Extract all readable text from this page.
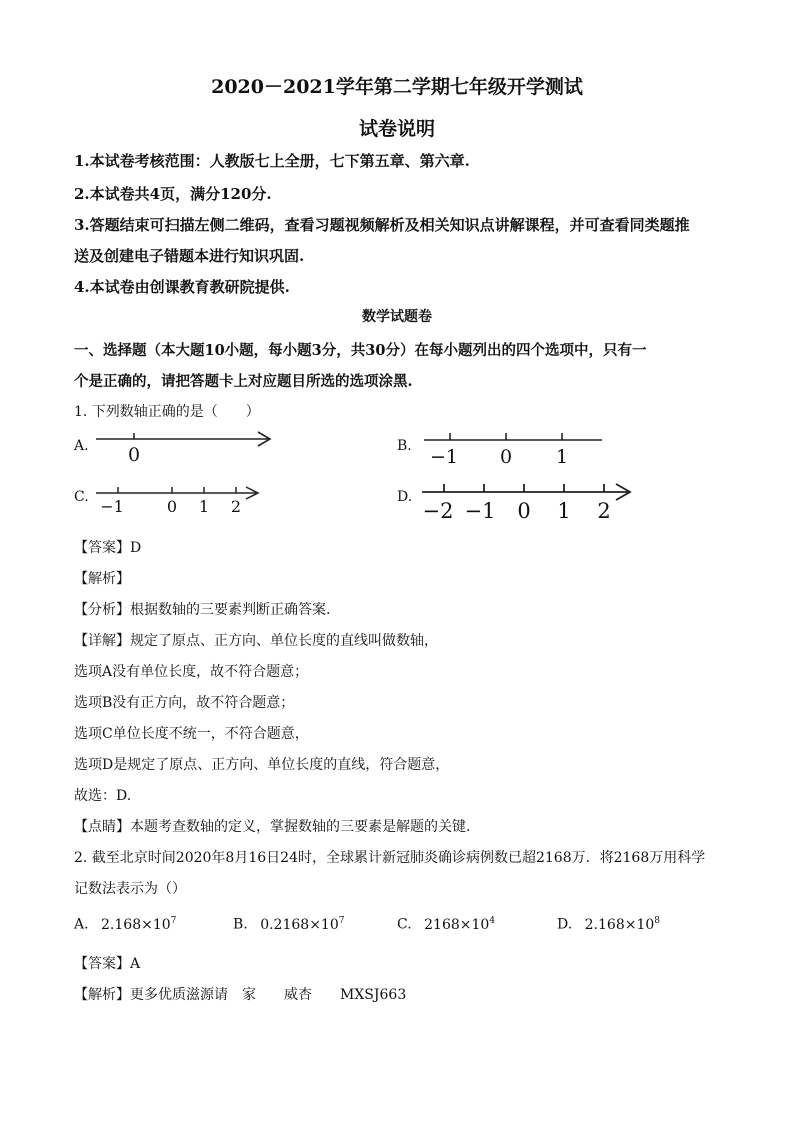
2020－2021学年第二学期七年级开学测试
试卷说明
1.本试卷考核范围：人教版七上全册，七下第五章、第六章.
2.本试卷共4页，满分120分.
3.答题结束可扫描左侧二维码，查看习题视频解析及相关知识点讲解课程，并可查看同类题推
送及创建电子错题本进行知识巩固.
4.本试卷由创课教育教研院提供.
数学试题卷
一、选择题（本大题10小题，每小题3分，共30分）在每小题列出的四个选项中，只有一
个是正确的，请把答题卡上对应题目所选的选项涂黑.
1. 下列数轴正确的是（　　）
A. 0	B. −1 0 1
C. −1	0 1 2	D.
−2 −1 0 1 2
【答案】D
【解析】
【分析】根据数轴的三要素判断正确答案.
【详解】规定了原点、正方向、单位长度的直线叫做数轴，
选项A没有单位长度，故不符合题意；
选项B没有正方向，故不符合题意；
选项C单位长度不统一，不符合题意，
选项D是规定了原点、正方向、单位长度的直线，符合题意，
故选：D.
【点睛】本题考查数轴的定义，掌握数轴的三要素是解题的关键.
2. 截至北京时间2020年8月16日24时，全球累计新冠肺炎确诊病例数已超2168万．将2168万用科学
记数法表示为（）
A. $2.168\times 10^7$	B. $0.2168\times 10^7$	C. $2168\times 10^4$	D. $2.168\times 10^8$
【答案】A
【解析】更多优质滋源请　家　　威杏　　MXSJ663
